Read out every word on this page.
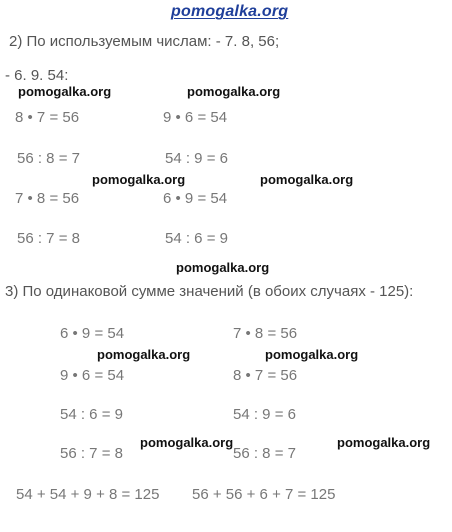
pomogalka.org
2) По используемым числам: - 7. 8, 56;
- 6. 9. 54:
pomogalka.org	pomogalka.org
8 • 7 = 56	9 • 6 = 54
56 : 8 = 7	54 : 9 = 6
pomogalka.org	pomogalka.org
7 • 8 = 56	6 • 9 = 54
56 : 7 = 8	54 : 6 = 9
pomogalka.org
3) По одинаковой сумме значений (в обоих случаях - 125):
6 • 9 = 54	7 • 8 = 56
pomogalka.org	pomogalka.org
9 • 6 = 54	8 • 7 = 56
54 : 6 = 9	54 : 9 = 6
pomogalka.org	pomogalka.org
56 : 7 = 8	56 : 8 = 7
54 + 54 + 9 + 8 = 125 56 + 56 + 6 + 7 = 125
